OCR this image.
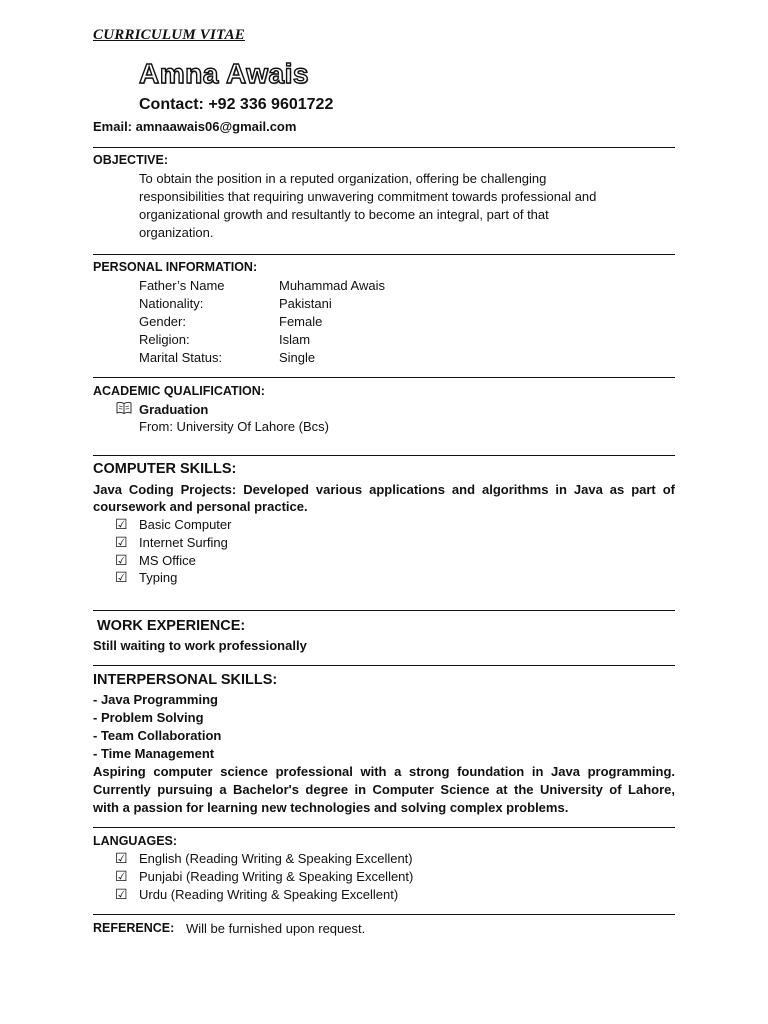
CURRICULUM VITAE
Amna Awais
Contact: +92 336 9601722
Email: amnaawais06@gmail.com
OBJECTIVE:
To obtain the position in a reputed organization, offering be challenging
responsibilities that requiring unwavering commitment towards professional and
organizational growth and resultantly to become an integral, part of that
organization.
PERSONAL INFORMATION:
Father’s Name	Muhammad Awais
Nationality:	Pakistani
Gender:	Female
Religion:	Islam
Marital Status:	Single
ACADEMIC QUALIFICATION:
Graduation
From: University Of Lahore (Bcs)
COMPUTER SKILLS:
Java Coding Projects: Developed various applications and algorithms in Java as part of
coursework and personal practice.
☑ Basic Computer
☑ Internet Surfing
☑ MS Office
☑ Typing
WORK EXPERIENCE:
Still waiting to work professionally
INTERPERSONAL SKILLS:
- Java Programming
- Problem Solving
- Team Collaboration
- Time Management
Aspiring computer science professional with a strong foundation in Java programming.
Currently pursuing a Bachelor's degree in Computer Science at the University of Lahore,
with a passion for learning new technologies and solving complex problems.
LANGUAGES:
☑ English (Reading Writing & Speaking Excellent)
☑ Punjabi (Reading Writing & Speaking Excellent)
☑ Urdu (Reading Writing & Speaking Excellent)
REFERENCE: Will be furnished upon request.
